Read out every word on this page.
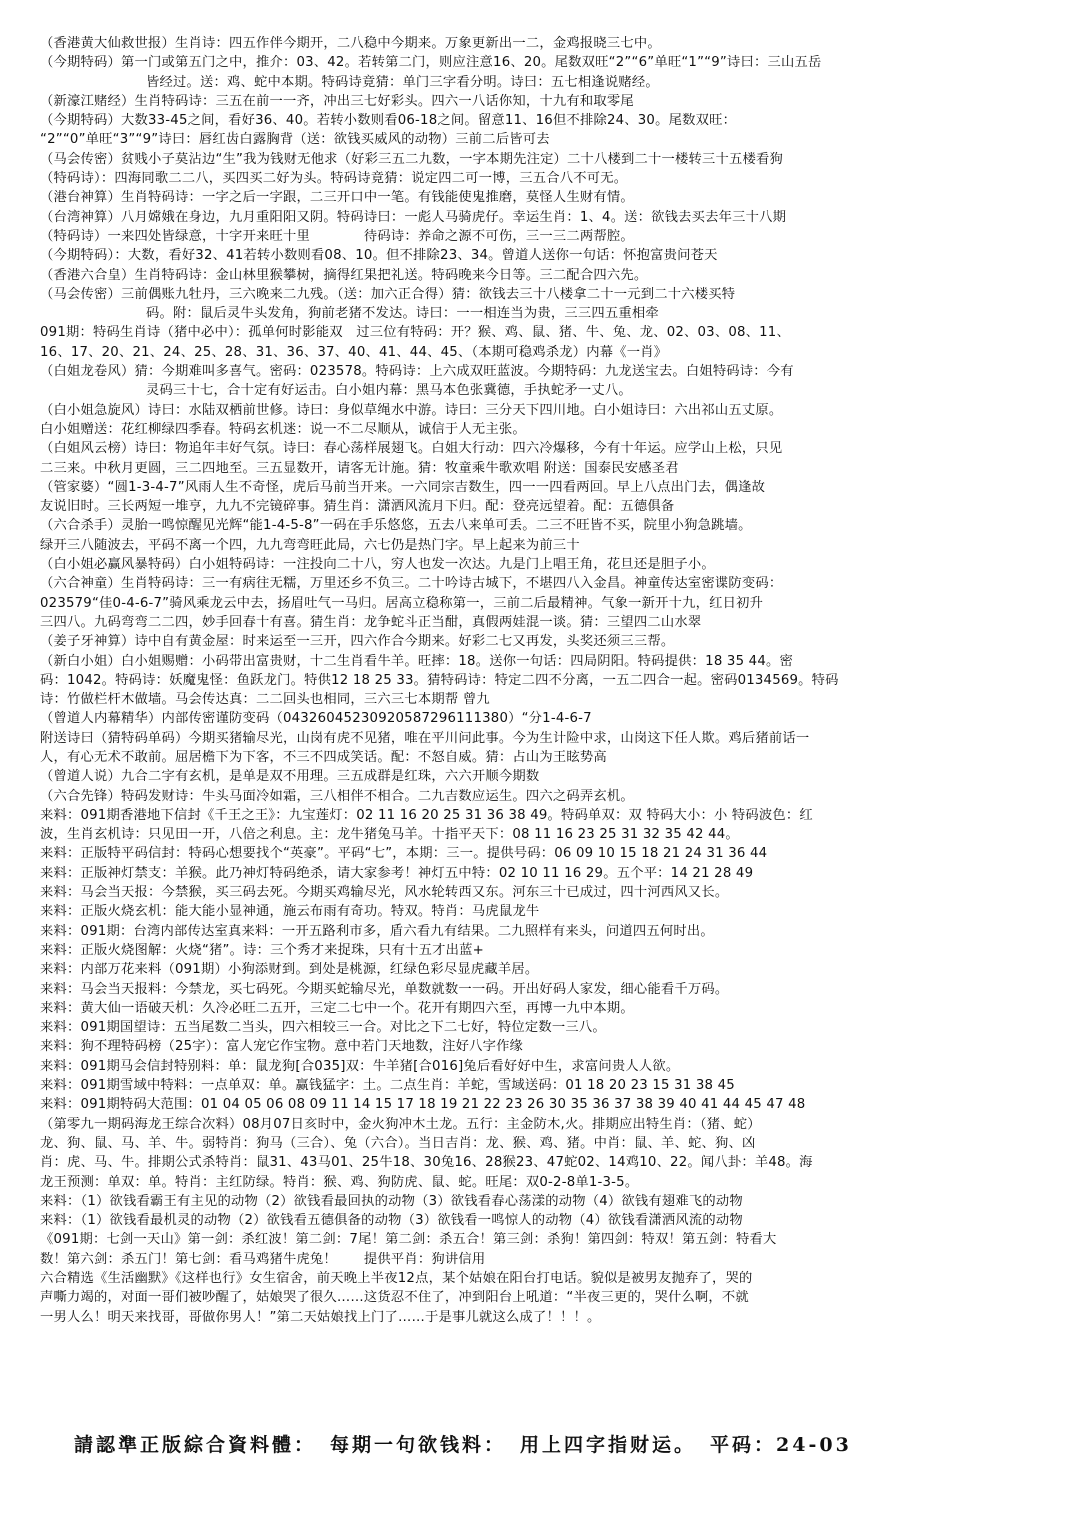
（香港黄大仙救世报）生肖诗：四五作伴今期开，二八稳中今期来。万象更新出一二，金鸡报晓三七中。
（今期特码）第一门或第五门之中，推介：03、42。若转第二门，则应注意16、20。尾数双旺“2”“6”单旺“1”“9”诗曰：三山五岳
皆经过。送：鸡、蛇中本期。特码诗竟猜：单门三字看分明。诗曰：五七相逢说赌经。
（新濠江赌经）生肖特码诗：三五在前一一齐，冲出三七好彩头。四六一八话你知，十九有和取零尾
（今期特码）大数33-45之间，看好36、40。若转小数则看06-18之间。留意11、16但不排除24、30。尾数双旺：
“2”“0”单旺“3”“9”诗曰：唇红齿白露胸背（送：欲钱买威风的动物）三前二后皆可去
（马会传密）贫贱小子莫沾边“生”我为钱财无他求（好彩三五二九数，一字本期先注定）二十八楼到二十一楼转三十五楼看狗
（特码诗）：四海同歌二二八，买四买二好为头。特码诗竟猜：说定四二可一博，三五合八不可无。
（港台神算）生肖特码诗：一字之后一字跟，二三开口中一笔。有钱能使鬼推磨，莫怪人生财有情。
（台湾神算）八月嫦娥在身边，九月重阳阳又阴。特码诗曰：一彪人马骑虎仔。幸运生肖：1、4。送：欲钱去买去年三十八期
（特码诗）一来四处皆绿意，十字开来旺十里　　　　待码诗：养命之源不可伤，三一三二两帮腔。
（今期特码）：大数，看好32、41若转小数则看08、10。但不排除23、34。曾道人送你一句话：怀抱富贵问苍天
（香港六合皇）生肖特码诗：金山林里猴攀树，摘得红果把礼送。特码晚来今日等。三二配合四六先。
（马会传密）三前偶账九牡丹，三六晚来二九残。（送：加六正合得）猜：欲钱去三十八楼拿二十一元到二十六楼买特
码。附：鼠后灵牛头发角，狗前老猪不发达。诗曰：一一相连当为贵，三三四五重相牵
091期：特码生肖诗（猪中必中）：孤单何时影能双　过三位有特码：开？猴、鸡、鼠、猪、牛、兔、龙、02、03、08、11、
16、17、20、21、24、25、28、31、36、37、40、41、44、45、（本期可稳鸡杀龙）内幕《一肖》
（白姐龙卷风）猜：今期难叫多喜气。密码：023578。特码诗：上六成双旺蓝波。今期特码：九龙送宝去。白姐特码诗：今有
灵码三十七，合十定有好运击。白小姐内幕：黑马本色张冀德，手执蛇矛一丈八。
（白小姐急旋风）诗曰：水陆双栖前世修。诗曰：身似草绳水中游。诗曰：三分天下四川地。白小姐诗曰：六出祁山五丈原。
白小姐赠送：花红柳绿四季春。特码玄机迷：说一不二尽顺从，诚信于人无主张。
（白姐风云榜）诗曰：物追年丰好气氛。诗曰：春心荡样展翅飞。白姐大行动：四六冷爆移，今有十年运。应学山上松，只见
二三来。中秋月更圆，三二四地至。三五显数开，请客无计施。猜：牧童乘牛歌欢唱 附送：国泰民安感圣君
（管家婆）“圆1-3-4-7”风雨人生不奇怪，虎后马前当开来。一六同宗吉数生，四一一四看两回。早上八点出门去，偶逢故
友说旧时。三长两短一堆亨，九九不完镜碎事。猜生肖：潇洒风流月下归。配：登亮远望着。配：五德俱备
（六合杀手）灵胎一鸣惊醒见光辉“能1-4-5-8”一码在手乐悠悠，五去八来单可丢。二三不旺皆不买，院里小狗急跳墙。
绿开三八随波去，平码不离一个四，九九弯弯旺此局，六七仍是热门字。早上起来为前三十
（白小姐必赢风暴特码）白小姐特码诗：一注投向二十八，穷人也发一次达。九是门上唱王角，花旦还是胆子小。
（六合神童）生肖特码诗：三一有病往无糯，万里还乡不负三。二十吟诗古城下，不堪四八入金昌。神童传达室密谍防变码：
023579“佳0-4-6-7”骑风乘龙云中去，扬眉吐气一马归。居高立稳称第一，三前二后最精神。气象一新开十九，红日初升
三四八。九码弯弯二二四，妙手回春十有喜。猜生肖：龙争蛇斗正当酣，真假两娃混一谈。猜：三望四二山水翠
（姜子牙神算）诗中自有黄金屋：时来运至一三开，四六作合今期来。好彩二七又再发，头奖还须三三帮。
（新白小姐）白小姐赐赠：小码带出富贵财，十二生肖看牛羊。旺摔：18。送你一句话：四局阴阳。特码提供：18 35 44。密
码：1042。特码诗：妖魔鬼怪：鱼跃龙门。特供12 18 25 33。猜特码诗：特定二四不分离，一五二四合一起。密码0134569。特码
诗：竹做栏杆木做墙。马会传达真：二二回头也相同，三六三七本期帮 曾九
（曾道人内幕精华）内部传密谨防变码（04326045230920587296111380）“分1-4-6-7
附送诗曰（猜特码单码）今期买猪输尽光，山岗有虎不见猪，唯在平川问此事。今为生计险中求，山岗这下任人欺。鸡后猪前话一
人，有心无术不敢前。屈居檐下为下客，不三不四成笑话。配：不怒自威。猜：占山为王眩势高
（曾道人说）九合二字有玄机，是单是双不用理。三五成群是红珠，六六开顺今期数
（六合先锋）特码发财诗：牛头马面冷如霜，三八相伴不相合。二九吉数应运生。四六之码弄玄机。
来料：091期香港地下信封《千王之王》：九宝莲灯：02 11 16 20 25 31 36 38 49。特码单双：双 特码大小：小 特码波色：红
波，生肖玄机诗：只见田一开，八倍之利息。主：龙牛猪兔马羊。十指平天下：08 11 16 23 25 31 32 35 42 44。
来料：正版特平码信封：特码心想要找个“英豪”。平码“七”，本期：三一。提供号码：06 09 10 15 18 21 24 31 36 44
来料：正版神灯禁支：羊猴。此乃神灯特码绝杀，请大家参考！神灯五中特：02 10 11 16 29。五个平：14 21 28 49
来料：马会当天报：今禁猴，买三码去死。今期买鸡输尽光，风水轮转西又东。河东三十已成过，四十河西风又长。
来料：正版火烧玄机：能大能小显神通，施云布雨有奇功。特双。特肖：马虎鼠龙牛
来料：091期：台湾内部传达室真来料：一开五路利市多，盾六看九有结果。二九照样有来头，问道四五何时出。
来料：正版火烧图解：火烧“猪”。诗：三个秀才来捉珠，只有十五才出蓝+
来料：内部万花来料（091期）小狗添财到。到处是桃源，红绿色彩尽显虎藏羊居。
来料：马会当天报料：今禁龙，买七码死。今期买蛇输尽光，单数就数一一码。开出好码人家发，细心能看千万码。
来料：黄大仙一语破天机：久冷必旺二五开，三定二七中一个。花开有期四六至，再博一九中本期。
来料：091期国望诗：五当尾数二当头，四六相较三一合。对比之下二七好，特位定数一三八。
来料：狗不理特码榜（25字）：富人宠它作宝物。意中若门天地数，注好八字作缘
来料：091期马会信封特别料：单：鼠龙狗[合035]双：牛羊猪[合016]兔后看好好中生，求富问贵人人欲。
来料：091期雪域中特料：一点单双：单。赢钱猛字：土。二点生肖：羊蛇，雪域送码：01 18 20 23 15 31 38 45
来料：091期特码大范围：01 04 05 06 08 09 11 14 15 17 18 19 21 22 23 26 30 35 36 37 38 39 40 41 44 45 47 48
（第零九一期码海龙王综合次料）08月07日亥时中，金火狗冲木土龙。五行：主金防木,火。排期应出特生肖：（猪、蛇）
龙、狗、鼠、马、羊、牛。弱特肖：狗马（三合）、兔（六合）。当日吉肖：龙、猴、鸡、猪。中肖：鼠、羊、蛇、狗、凶
肖：虎、马、牛。排期公式杀特肖：鼠31、43马01、25牛18、30兔16、28猴23、47蛇02、14鸡10、22。闻八卦：羊48。海
龙王预测：单双：单。特肖：主红防绿。特肖：猴、鸡、狗防虎、鼠、蛇。旺尾：双0-2-8单1-3-5。
来料：（1）欲钱看霸王有主见的动物（2）欲钱看最回执的动物（3）欲钱看春心荡漾的动物（4）欲钱有翅难飞的动物
来料：（1）欲钱看最机灵的动物（2）欲钱看五德俱备的动物（3）欲钱看一鸣惊人的动物（4）欲钱看潇洒风流的动物
《091期：七剑一天山》第一剑：杀红波！第二剑：7尾！第二剑：杀五合！第三剑：杀狗！第四剑：特双！第五剑：特看大
数！第六剑：杀五门！第七剑：看马鸡猪牛虎兔！　　提供平肖：狗讲信用
六合精选《生活幽默》《这样也行》女生宿舍，前天晚上半夜12点，某个姑娘在阳台打电话。貌似是被男友抛弃了，哭的
声嘶力竭的，对面一哥们被吵醒了，姑娘哭了很久……这货忍不住了，冲到阳台上吼道：“半夜三更的，哭什么啊，不就
一男人么！明天来找哥，哥做你男人！”第二天姑娘找上门了……于是事儿就这么成了！！！。
請認準正版綜合資料體： 每期一句欲钱料： 用上四字指财运。 平码：24-03
